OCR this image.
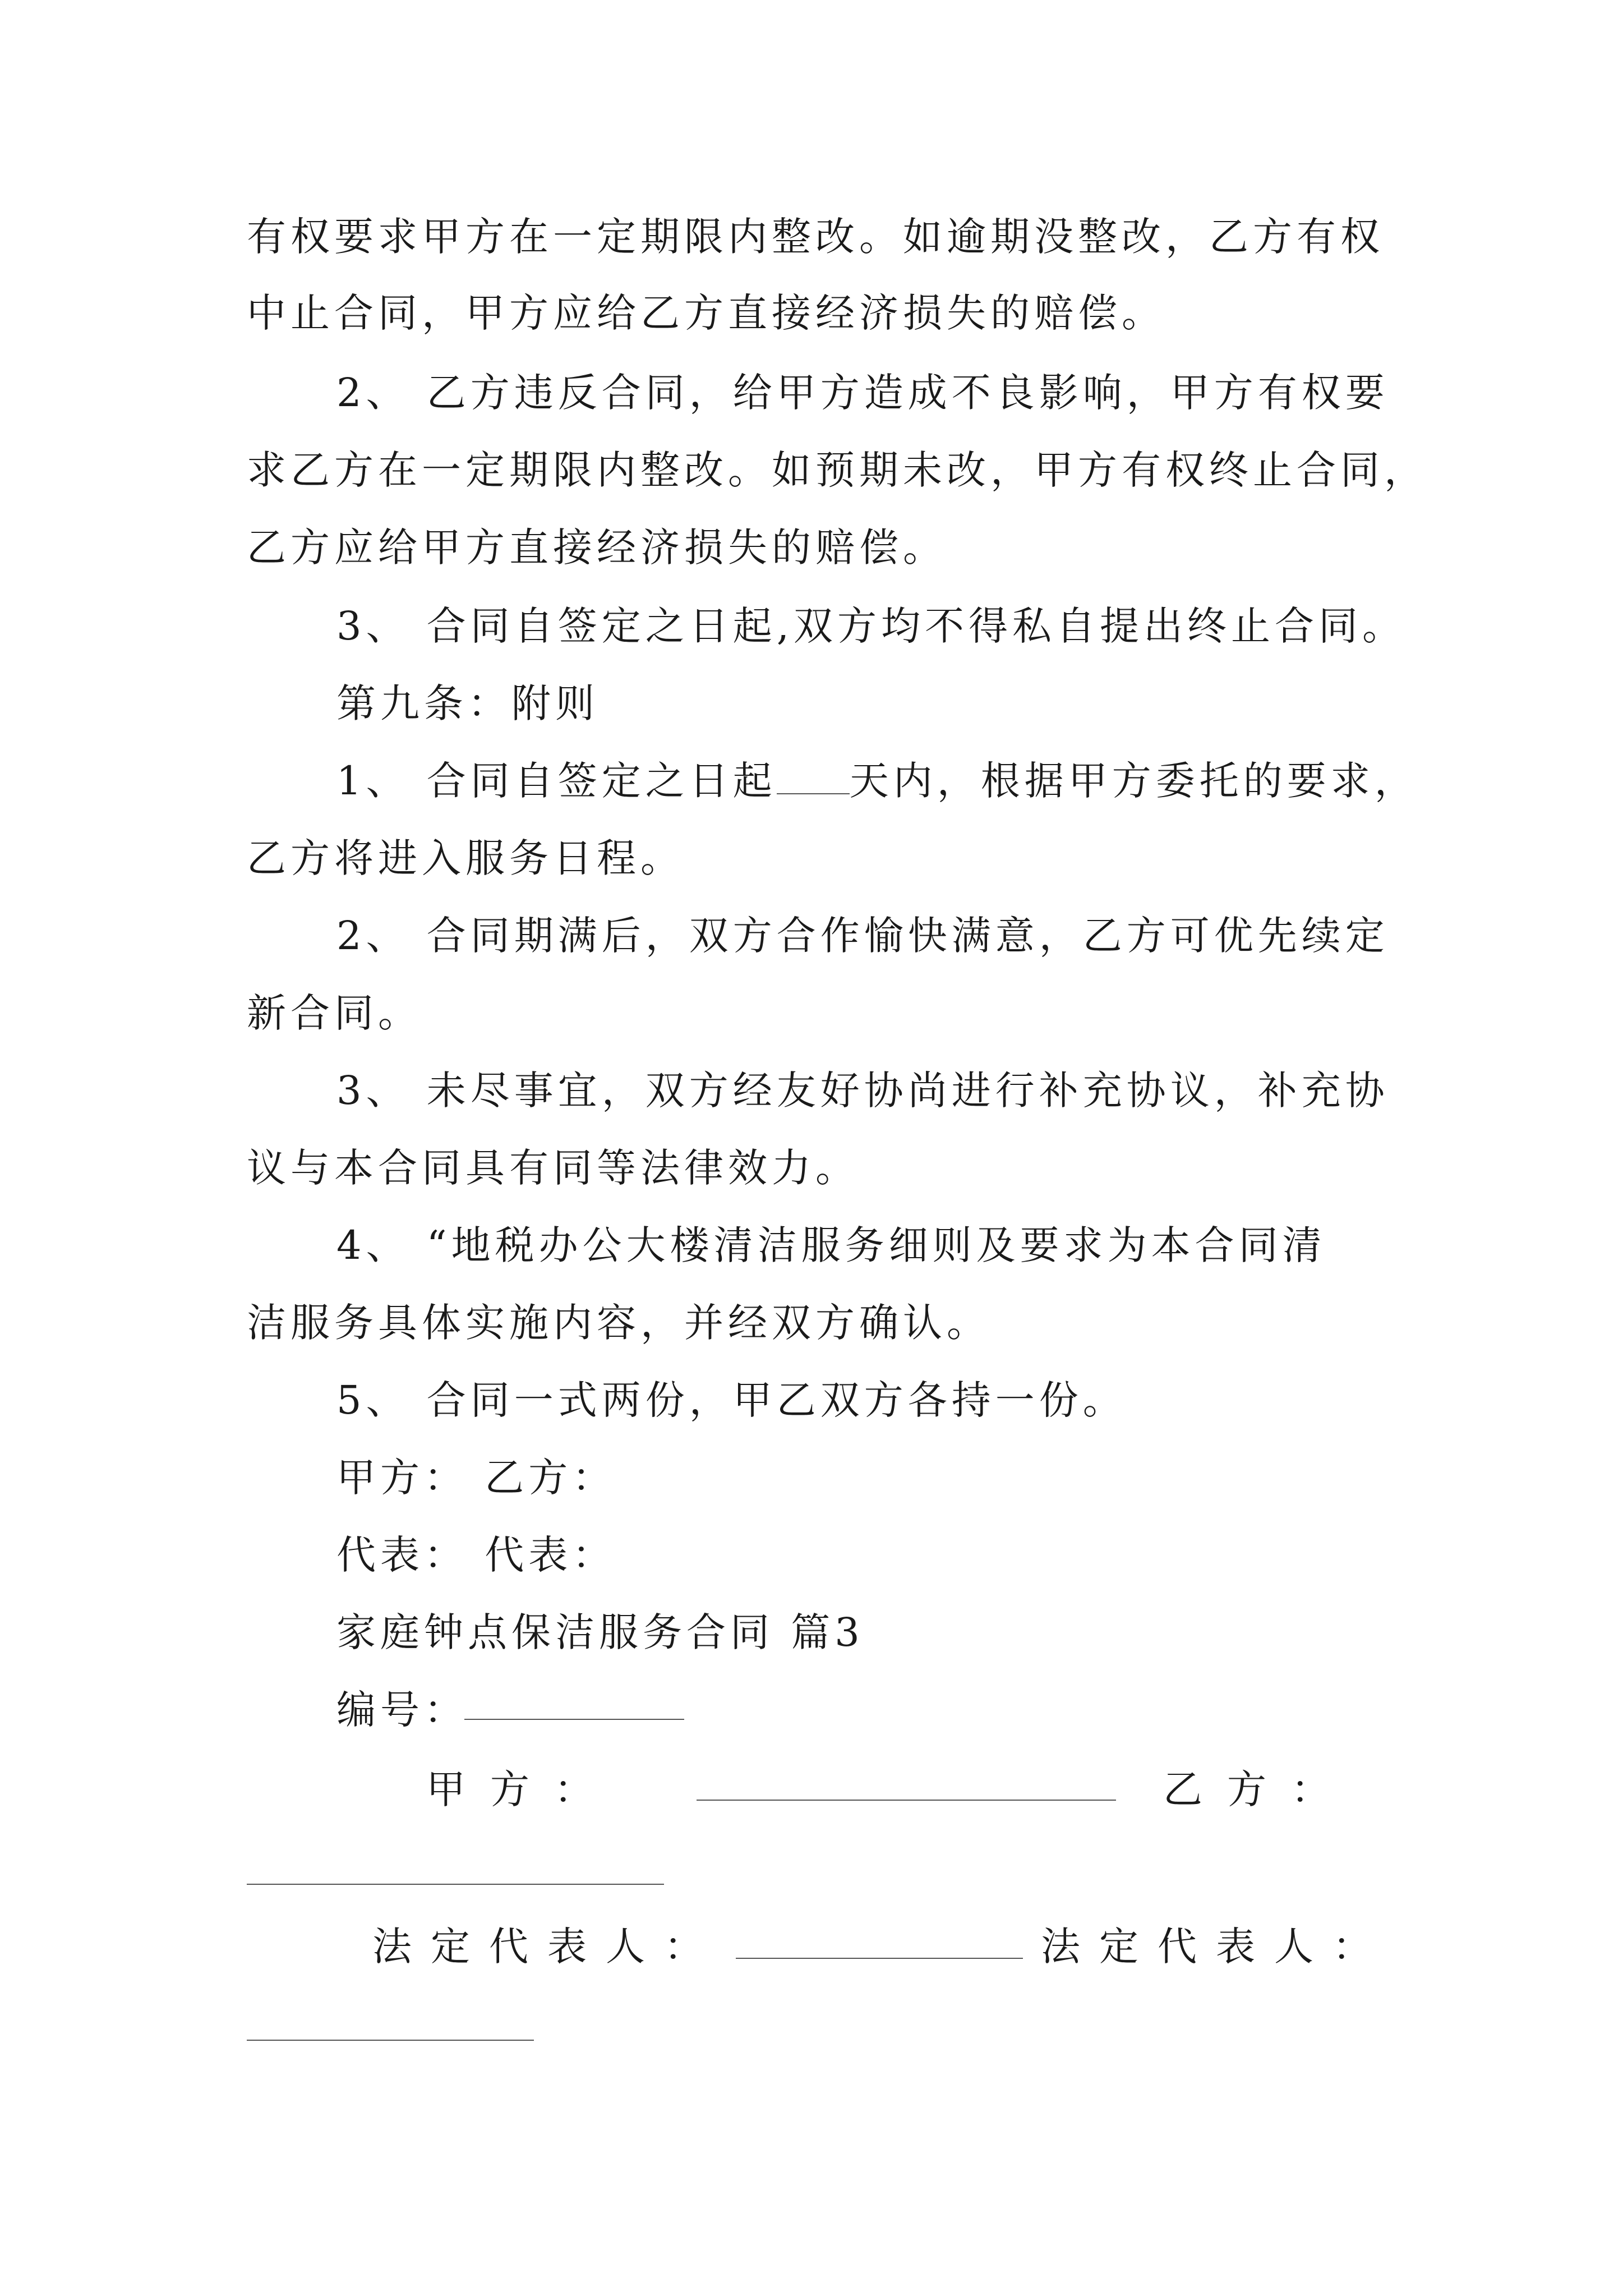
有权要求甲方在一定期限内整改。如逾期没整改，乙方有权
中止合同，甲方应给乙方直接经济损失的赔偿。
2、 乙方违反合同，给甲方造成不良影响，甲方有权要
求乙方在一定期限内整改。如预期未改，甲方有权终止合同，
乙方应给甲方直接经济损失的赔偿。
3、 合同自签定之日起,双方均不得私自提出终止合同。
第九条：附则
1、 合同自签定之日起 天内，根据甲方委托的要求，
乙方将进入服务日程。
2、 合同期满后，双方合作愉快满意，乙方可优先续定
新合同。
3、 未尽事宜，双方经友好协尚进行补充协议，补充协
议与本合同具有同等法律效力。
4、 “地税办公大楼清洁服务细则及要求为本合同清
洁服务具体实施内容，并经双方确认。
5、 合同一式两份，甲乙双方各持一份。
甲方： 乙方：
代表： 代表：
家庭钟点保洁服务合同 篇3
编号：
甲方：	乙方：
法定代表人：	法定代表人：
